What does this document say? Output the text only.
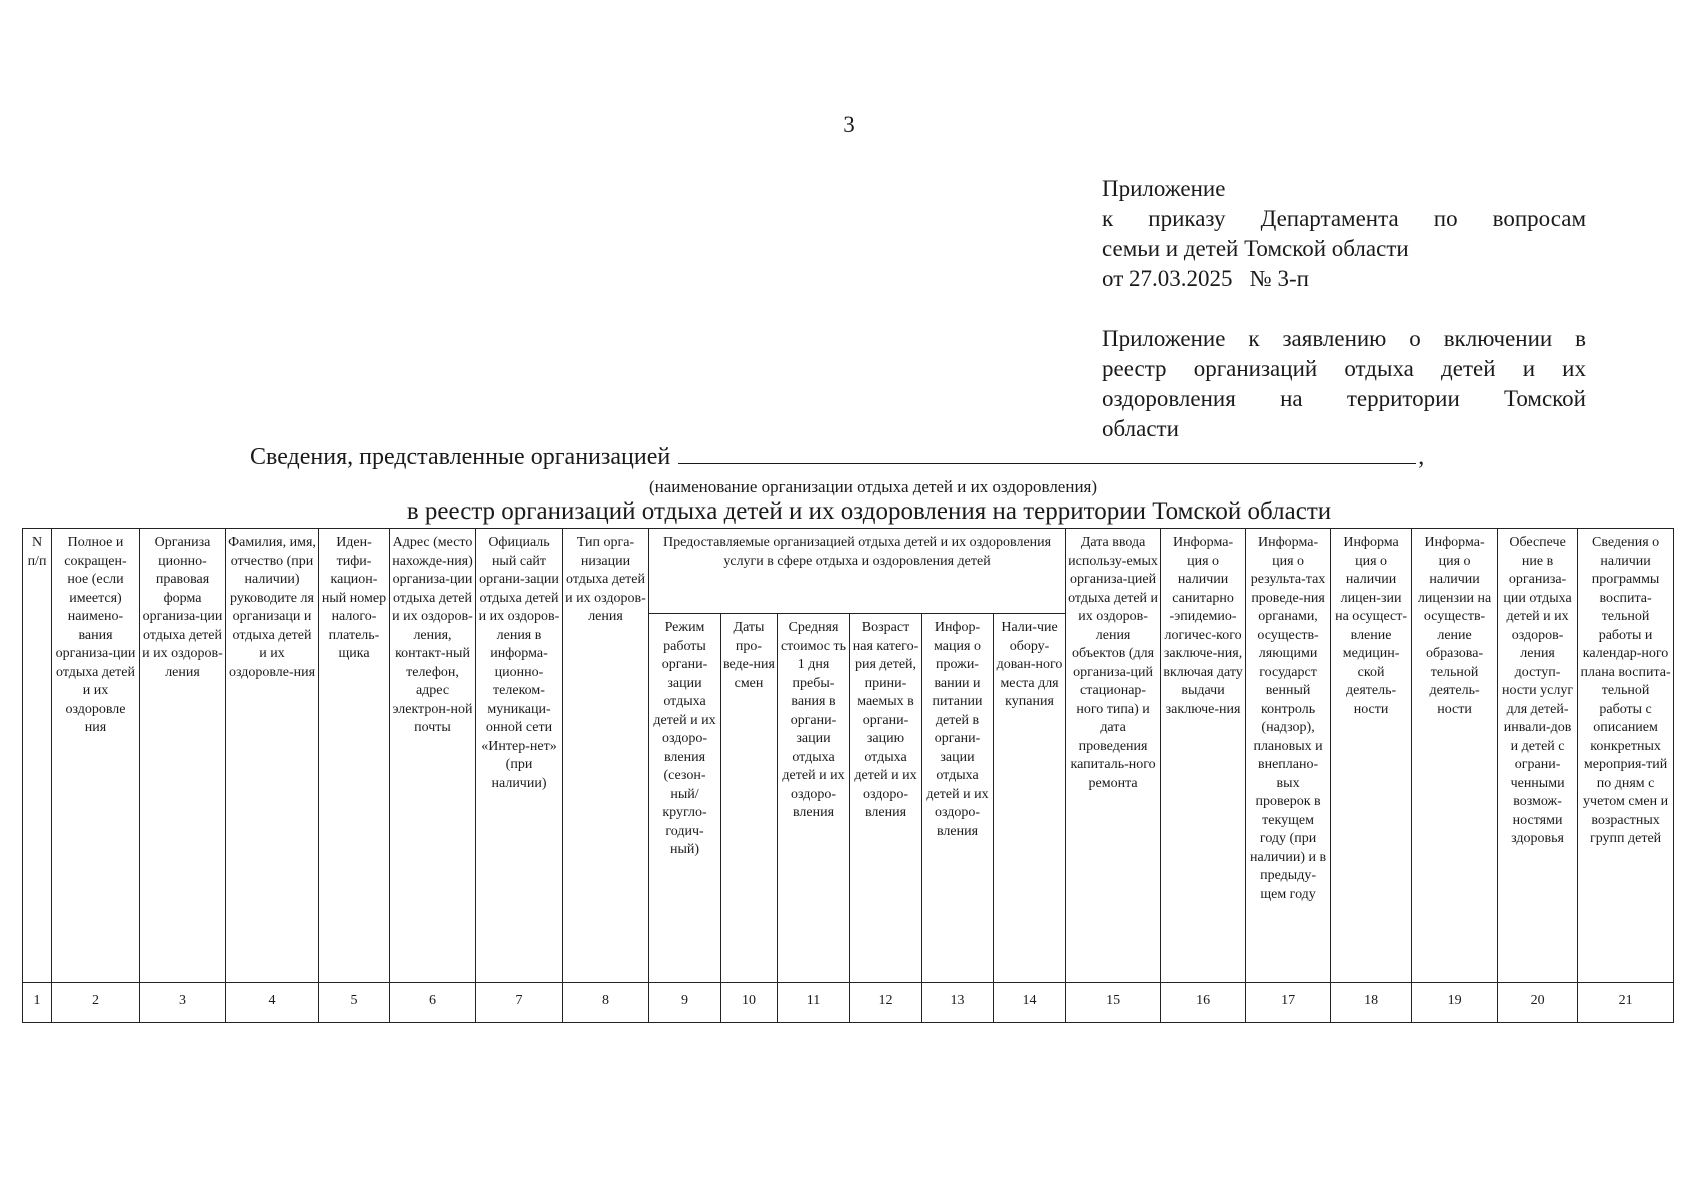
3
Приложение
к приказу Департамента по вопросам
семьи и детей Томской области
от 27.03.2025   № 3-п
Приложение к заявлению о включении в
реестр организаций отдыха детей и их
оздоровления на территории Томской
области
Сведения, представленные организацией	,
(наименование организации отдыха детей и их оздоровления)
в реестр организаций отдыха детей и их оздоровления на территории Томской области
N п/п	Полное и сокращен-ное (если имеется) наимено-вания организа-ции отдыха детей и их оздоровле ния	Организа ционно-правовая форма организа-ции отдыха детей и их оздоров-ления	Фамилия, имя, отчество (при наличии) руководите ля организаци и отдыха детей и их оздоровле-ния	Иден-тифи-кацион-ный номер налого-платель-щика	Адрес (место нахожде-ния) организа-ции отдыха детей и их оздоров-ления, контакт-ный телефон, адрес электрон-ной почты	Официаль ный сайт органи-зации отдыха детей и их оздоров-ления в информа-ционно-телеком-муникаци-онной сети «Интер-нет» (при наличии)	Тип орга-низации отдыха детей и их оздоров-ления	Предоставляемые организацией отдыха детей и их оздоровления услуги в сфере отдыха и оздоровления детей						Дата ввода использу-емых организа-цией отдыха детей и их оздоров-ления объектов (для организа-ций стационар-ного типа) и дата проведения капиталь-ного ремонта	Информа-ция о наличии санитарно -эпидемио-логичес-кого заключе-ния, включая дату выдачи заключе-ния	Информа-ция о результа-тах проведе-ния органами, осуществ-ляющими государст венный контроль (надзор), плановых и внеплано-вых проверок в текущем году (при наличии) и в предыду-щем году	Информа ция о наличии лицен-зии на осущест-вление медицин-ской деятель-ности	Информа-ция о наличии лицензии на осуществ-ление образова-тельной деятель-ности	Обеспече ние в организа-ции отдыха детей и их оздоров-ления доступ-ности услуг для детей-инвали-дов и детей с ограни-ченными возмож-ностями здоровья	Сведения о наличии программы воспита-тельной работы и календар-ного плана воспита-тельной работы с описанием конкретных мероприя-тий по дням с учетом смен и возрастных групп детей
								Режим работы органи-зации отдыха детей и их оздоро-вления (сезон-ный/ кругло-годич-ный)	Даты про-веде-ния смен	Средняя стоимос ть 1 дня пребы-вания в органи-зации отдыха детей и их оздоро-вления	Возраст ная катего-рия детей, прини-маемых в органи-зацию отдыха детей и их оздоро-вления	Инфор-мация о прожи-вании и питании детей в органи-зации отдыха детей и их оздоро-вления	Нали-чие обору-дован-ного места для купания							
1	2	3	4	5	6	7	8	9	10	11	12	13	14	15	16	17	18	19	20	21
